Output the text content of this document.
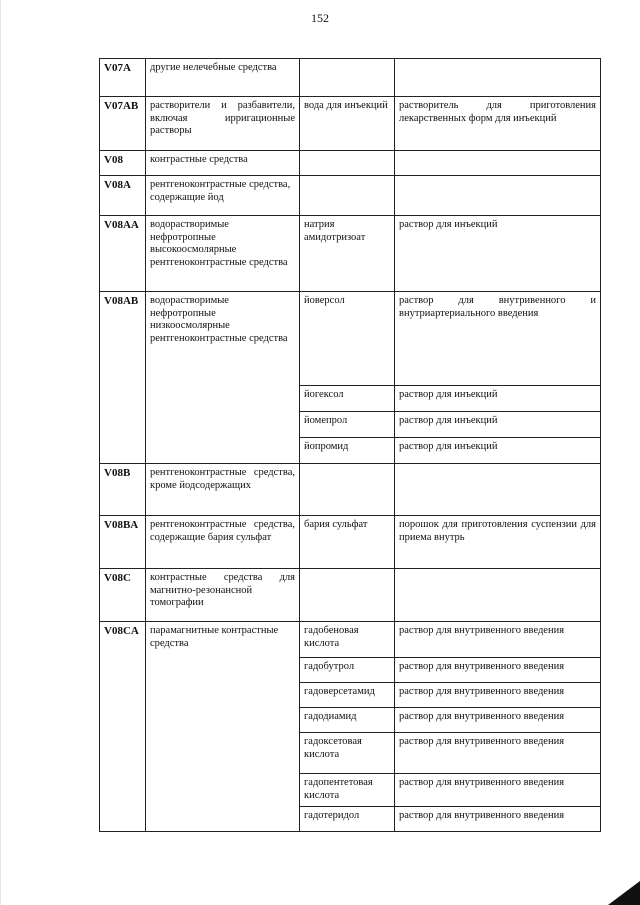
152
V07A	другие нелечебные средства		
V07AB	растворители и разбавители, включая ирригационные растворы	вода для инъекций	растворитель для приготовления лекарственных форм для инъекций
V08	контрастные средства		
V08A	рентгеноконтрастные средства, содержащие йод		
V08AA	водорастворимые нефротропные высокоосмолярные рентгеноконтрастные средства	натрия амидотризоат	раствор для инъекций
V08AB	водорастворимые нефротропные низкоосмолярные рентгеноконтрастные средства	йоверсол	раствор для внутривенного и внутриартериального введения
		йогексол	раствор для инъекций
		йомепрол	раствор для инъекций
		йопромид	раствор для инъекций
V08B	рентгеноконтрастные средства, кроме йодсодержащих		
V08BA	рентгеноконтрастные средства, содержащие бария сульфат	бария сульфат	порошок для приготовления суспензии для приема внутрь
V08C	контрастные средства для магнитно-резонансной томографии		
V08CA	парамагнитные контрастные средства	гадобеновая кислота	раствор для внутривенного введения
		гадобутрол	раствор для внутривенного введения
		гадоверсетамид	раствор для внутривенного введения
		гадодиамид	раствор для внутривенного введения
		гадоксетовая кислота	раствор для внутривенного введения
		гадопентетовая кислота	раствор для внутривенного введения
		гадотеридол	раствор для внутривенного введения
